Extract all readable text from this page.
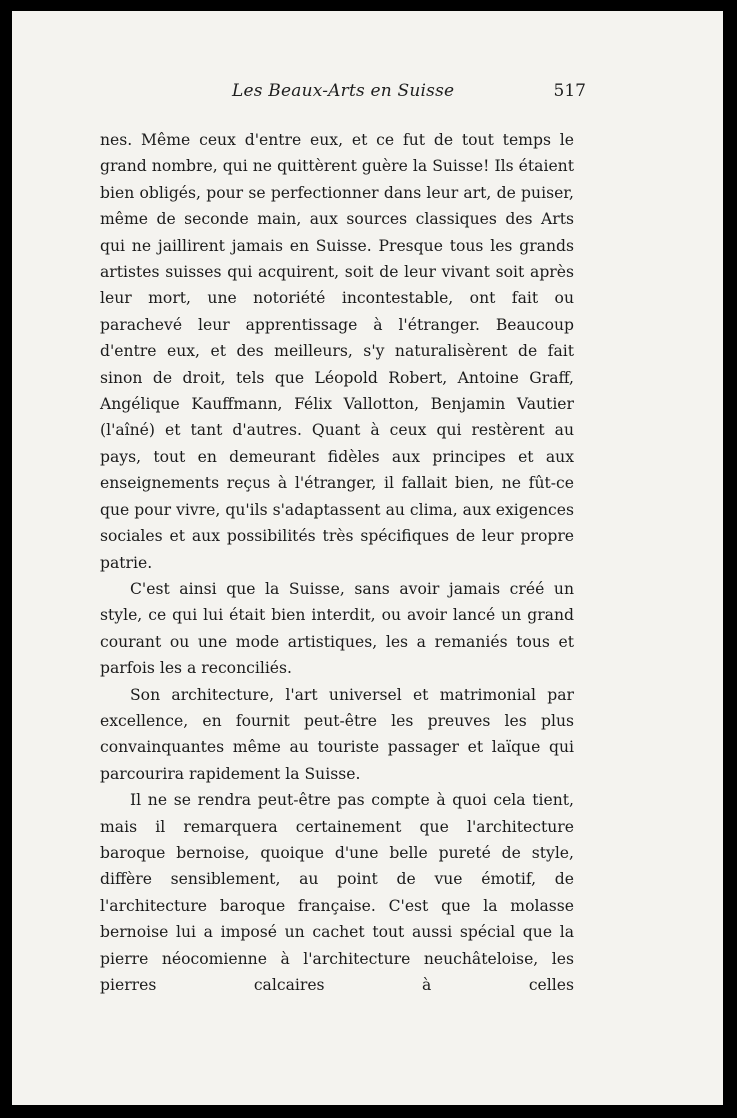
Les Beaux-Arts en Suisse	517

nes. Même ceux d'entre eux, et ce fut de tout temps le grand nombre, qui ne quittèrent guère la Suisse! Ils étaient bien obligés, pour se perfectionner dans leur art, de puiser, même de seconde main, aux sources classiques des Arts qui ne jaillirent jamais en Suisse. Presque tous les grands artistes suisses qui acquirent, soit de leur vivant soit après leur mort, une notoriété incontestable, ont fait ou parachevé leur apprentissage à l'étranger. Beaucoup d'entre eux, et des meilleurs, s'y naturalisèrent de fait sinon de droit, tels que Léopold Robert, Antoine Graff, Angélique Kauffmann, Félix Vallotton, Benjamin Vautier (l'aîné) et tant d'autres. Quant à ceux qui restèrent au pays, tout en demeurant fidèles aux principes et aux enseignements reçus à l'étranger, il fallait bien, ne fût-ce que pour vivre, qu'ils s'adaptassent au clima, aux exigences sociales et aux possibilités très spécifiques de leur propre patrie.

C'est ainsi que la Suisse, sans avoir jamais créé un style, ce qui lui était bien interdit, ou avoir lancé un grand courant ou une mode artistiques, les a remaniés tous et parfois les a reconciliés.

Son architecture, l'art universel et matrimonial par excellence, en fournit peut-être les preuves les plus convainquantes même au touriste passager et laïque qui parcourira rapidement la Suisse.

Il ne se rendra peut-être pas compte à quoi cela tient, mais il remarquera certainement que l'architecture baroque bernoise, quoique d'une belle pureté de style, diffère sensiblement, au point de vue émotif, de l'architecture baroque française. C'est que la molasse bernoise lui a imposé un cachet tout aussi spécial que la pierre néocomienne à l'architecture neuchâteloise, les pierres calcaires à celles
